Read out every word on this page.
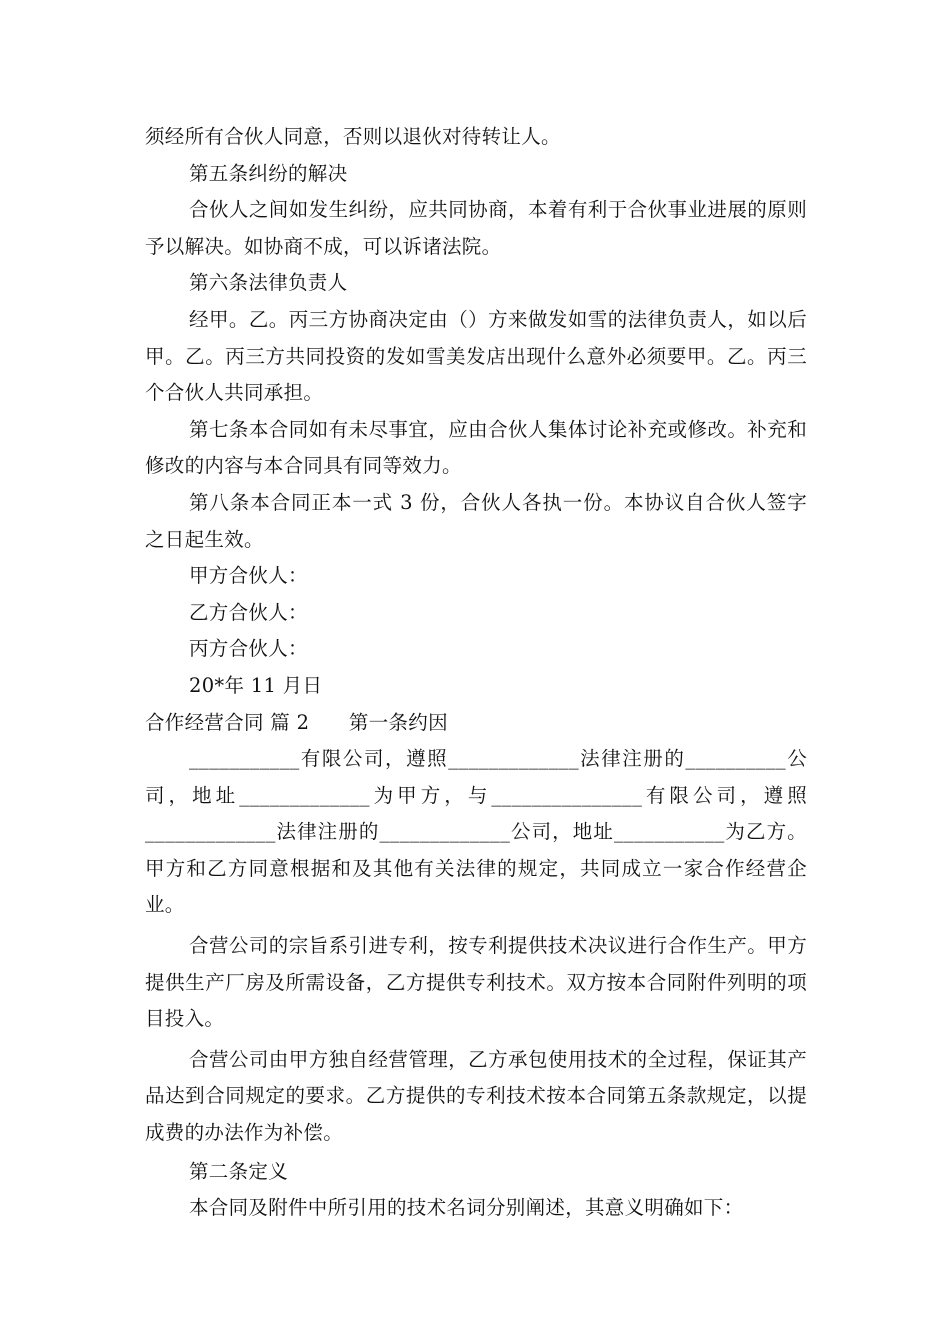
须经所有合伙人同意，否则以退伙对待转让人。

第五条纠纷的解决

合伙人之间如发生纠纷，应共同协商，本着有利于合伙事业进展的原则予以解决。如协商不成，可以诉诸法院。

第六条法律负责人

经甲。乙。丙三方协商决定由（）方来做发如雪的法律负责人，如以后甲。乙。丙三方共同投资的发如雪美发店出现什么意外必须要甲。乙。丙三个合伙人共同承担。

第七条本合同如有未尽事宜，应由合伙人集体讨论补充或修改。补充和修改的内容与本合同具有同等效力。

第八条本合同正本一式 3 份，合伙人各执一份。本协议自合伙人签字之日起生效。

甲方合伙人：

乙方合伙人：

丙方合伙人：

20*年 11 月日

合作经营合同 篇 2　　第一条约因

___________有限公司，遵照_____________法律注册的__________公司，地址_____________为甲方，与_______________有限公司，遵照_____________法律注册的_____________公司，地址___________为乙方。甲方和乙方同意根据和及其他有关法律的规定，共同成立一家合作经营企业。

合营公司的宗旨系引进专利，按专利提供技术决议进行合作生产。甲方提供生产厂房及所需设备，乙方提供专利技术。双方按本合同附件列明的项目投入。

合营公司由甲方独自经营管理，乙方承包使用技术的全过程，保证其产品达到合同规定的要求。乙方提供的专利技术按本合同第五条款规定，以提成费的办法作为补偿。

第二条定义

本合同及附件中所引用的技术名词分别阐述，其意义明确如下：
